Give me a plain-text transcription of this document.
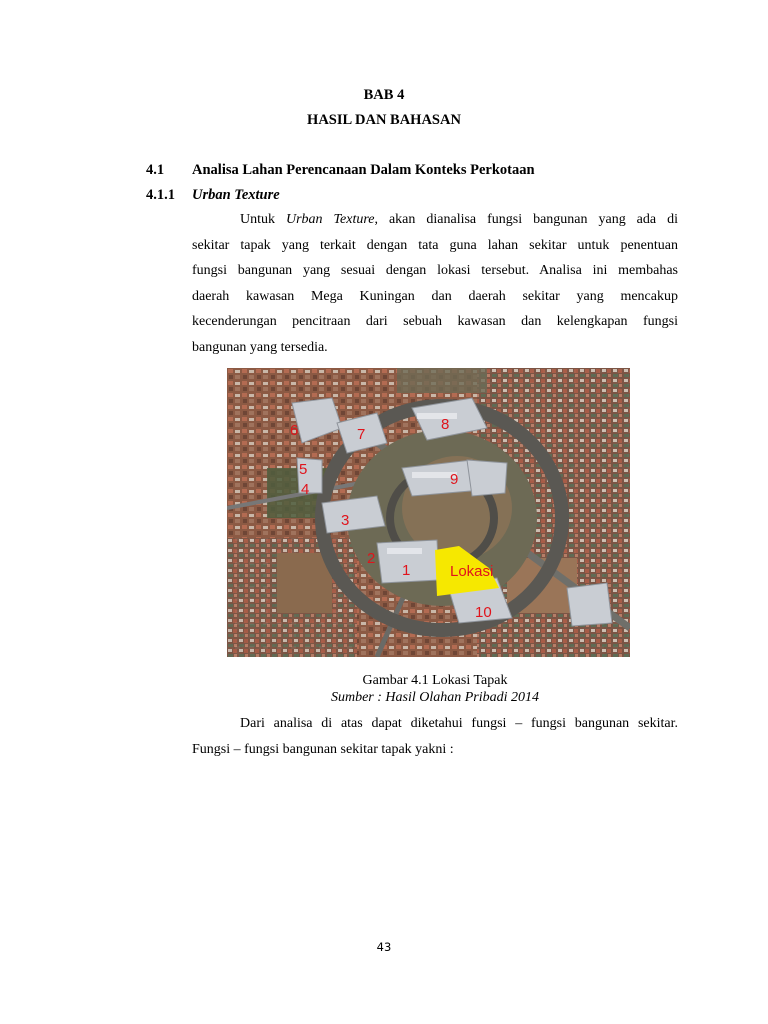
BAB 4
HASIL DAN BAHASAN
4.1 Analisa Lahan Perencanaan Dalam Konteks Perkotaan
4.1.1 Urban Texture

Untuk Urban Texture, akan dianalisa fungsi bangunan yang ada di

sekitar tapak yang terkait dengan tata guna lahan sekitar untuk penentuan

fungsi bangunan yang sesuai dengan lokasi tersebut. Analisa ini membahas

daerah kawasan Mega Kuningan dan daerah sekitar yang mencakup

kecenderungan pencitraan dari sebuah kawasan dan kelengkapan fungsi

bangunan yang tersedia.

6	7
8
5
4
9
3
2
1	Lokasi
10
Gambar 4.1 Lokasi Tapak
Sumber : Hasil Olahan Pribadi 2014

Dari analisa di atas dapat diketahui fungsi – fungsi bangunan sekitar.

Fungsi – fungsi bangunan sekitar tapak yakni :

43
